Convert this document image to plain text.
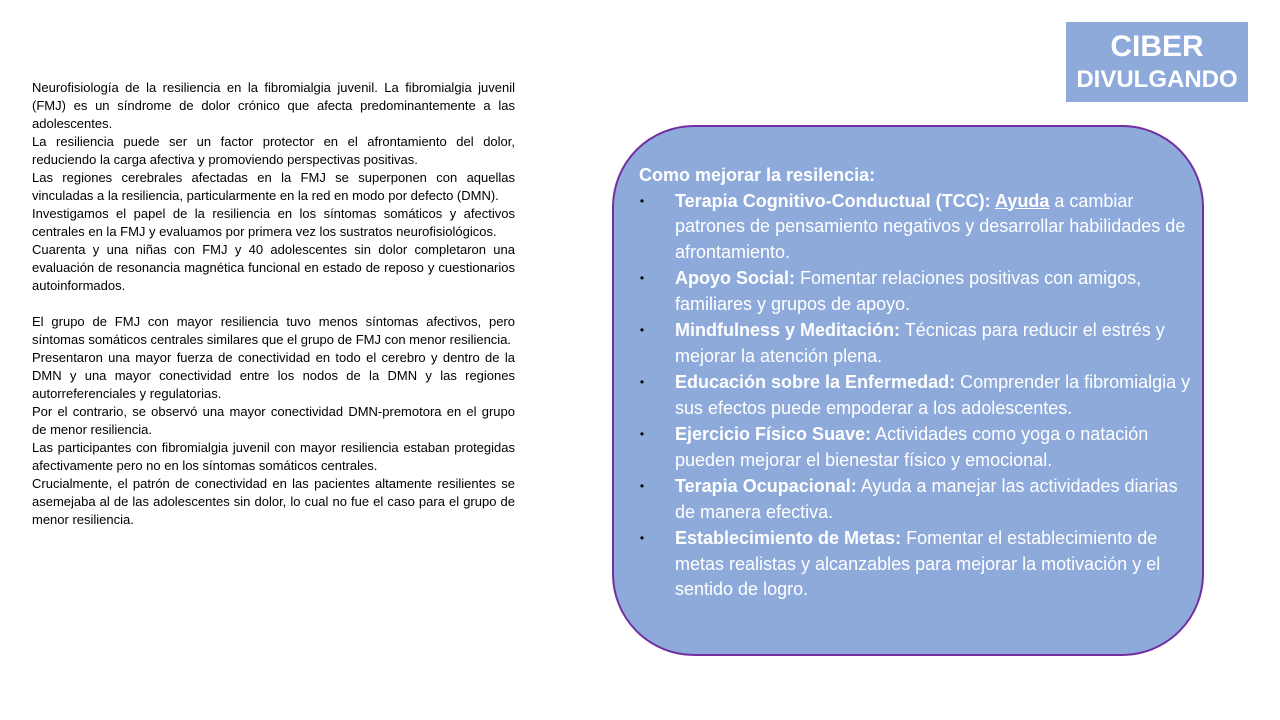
CIBER
DIVULGANDO

Neurofisiología de la resiliencia en la fibromialgia juvenil. La fibromialgia juvenil (FMJ) es un síndrome de dolor crónico que afecta predominantemente a las adolescentes.

La resiliencia puede ser un factor protector en el afrontamiento del dolor, reduciendo la carga afectiva y promoviendo perspectivas positivas.

Las regiones cerebrales afectadas en la FMJ se superponen con aquellas vinculadas a la resiliencia, particularmente en la red en modo por defecto (DMN).

Investigamos el papel de la resiliencia en los síntomas somáticos y afectivos centrales en la FMJ y evaluamos por primera vez los sustratos neurofisiológicos.

Cuarenta y una niñas con FMJ y 40 adolescentes sin dolor completaron una evaluación de resonancia magnética funcional en estado de reposo y cuestionarios autoinformados.

El grupo de FMJ con mayor resiliencia tuvo menos síntomas afectivos, pero síntomas somáticos centrales similares que el grupo de FMJ con menor resiliencia.

Presentaron una mayor fuerza de conectividad en todo el cerebro y dentro de la DMN y una mayor conectividad entre los nodos de la DMN y las regiones autorreferenciales y regulatorias.

Por el contrario, se observó una mayor conectividad DMN-premotora en el grupo de menor resiliencia.

Las participantes con fibromialgia juvenil con mayor resiliencia estaban protegidas afectivamente pero no en los síntomas somáticos centrales.

Crucialmente, el patrón de conectividad en las pacientes altamente resilientes se asemejaba al de las adolescentes sin dolor, lo cual no fue el caso para el grupo de menor resiliencia.

Como mejorar la resilencia:

• Terapia Cognitivo-Conductual (TCC): Ayuda a cambiar patrones de pensamiento negativos y desarrollar habilidades de afrontamiento.
• Apoyo Social: Fomentar relaciones positivas con amigos, familiares y grupos de apoyo.
• Mindfulness y Meditación: Técnicas para reducir el estrés y mejorar la atención plena.
• Educación sobre la Enfermedad: Comprender la fibromialgia y sus efectos puede empoderar a los adolescentes.
• Ejercicio Físico Suave: Actividades como yoga o natación pueden mejorar el bienestar físico y emocional.
• Terapia Ocupacional: Ayuda a manejar las actividades diarias de manera efectiva.
• Establecimiento de Metas: Fomentar el establecimiento de metas realistas y alcanzables para mejorar la motivación y el sentido de logro.
